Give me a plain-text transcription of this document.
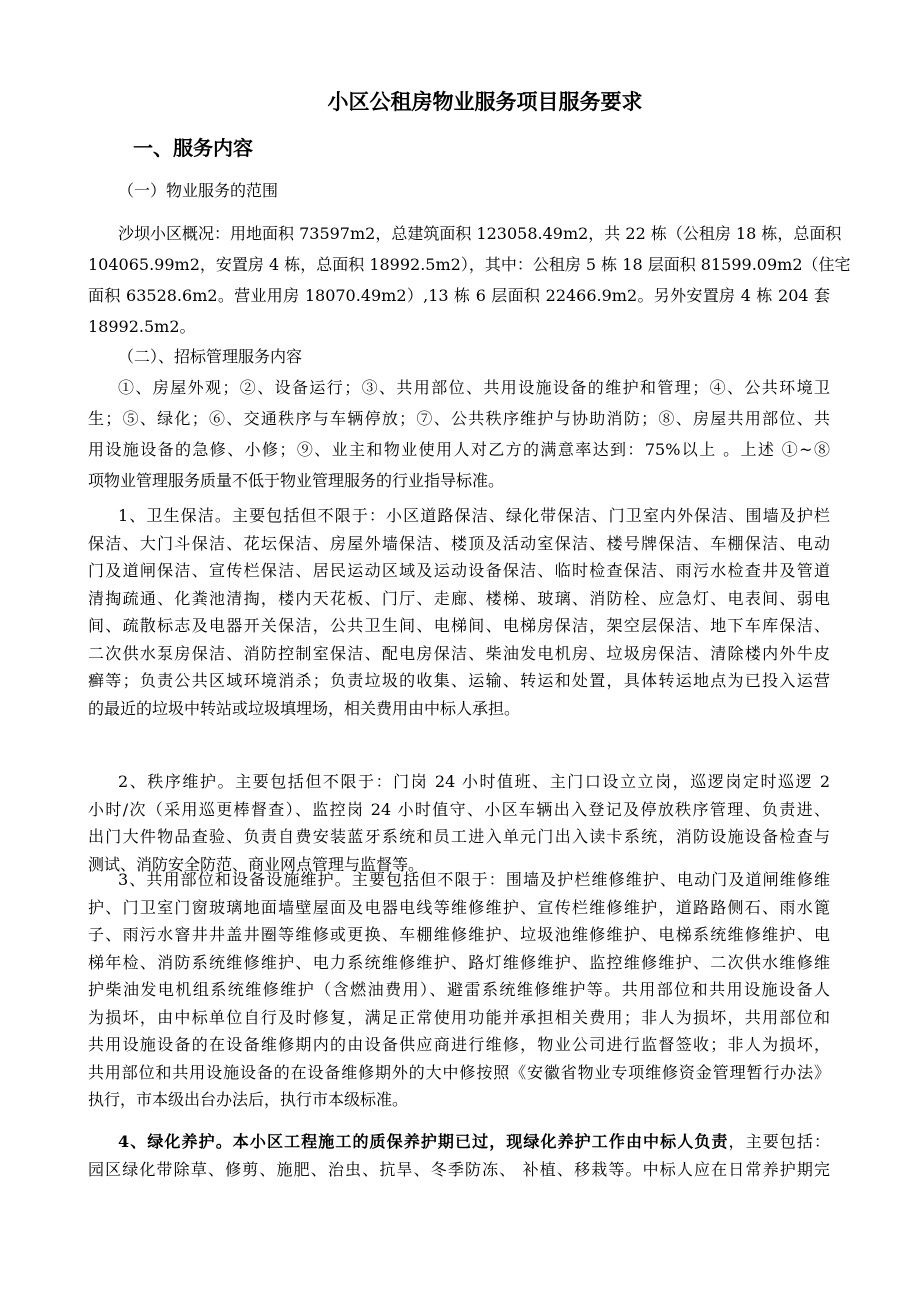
小区公租房物业服务项目服务要求
一、服务内容
（一）物业服务的范围
沙坝小区概况：用地面积 73597m2，总建筑面积 123058.49m2，共 22 栋（公租房 18 栋，总面积
104065.99m2，安置房 4 栋，总面积 18992.5m2），其中：公租房 5 栋 18 层面积 81599.09m2（住宅
面积 63528.6m2。营业用房 18070.49m2）,13 栋 6 层面积 22466.9m2。另外安置房 4 栋 204 套
18992.5m2。
（二）、招标管理服务内容
①、房屋外观；②、设备运行；③、共用部位、共用设施设备的维护和管理；④、公共环境卫
生；⑤、绿化；⑥、交通秩序与车辆停放；⑦、公共秩序维护与协助消防；⑧、房屋共用部位、共
用设施设备的急修、小修；⑨、业主和物业使用人对乙方的满意率达到：75%以上 。上述 ①~⑧
项物业管理服务质量不低于物业管理服务的行业指导标准。
1、卫生保洁。主要包括但不限于：小区道路保洁、绿化带保洁、门卫室内外保洁、围墙及护栏
保洁、大门斗保洁、花坛保洁、房屋外墙保洁、楼顶及活动室保洁、楼号牌保洁、车棚保洁、电动
门及道闸保洁、宣传栏保洁、居民运动区域及运动设备保洁、临时检查保洁、雨污水检查井及管道
清掏疏通、化粪池清掏，楼内天花板、门厅、走廊、楼梯、玻璃、消防栓、应急灯、电表间、弱电
间、疏散标志及电器开关保洁，公共卫生间、电梯间、电梯房保洁，架空层保洁、地下车库保洁、
二次供水泵房保洁、消防控制室保洁、配电房保洁、柴油发电机房、垃圾房保洁、清除楼内外牛皮
癣等；负责公共区域环境消杀；负责垃圾的收集、运输、转运和处置，具体转运地点为已投入运营
的最近的垃圾中转站或垃圾填埋场，相关费用由中标人承担。
2、秩序维护。主要包括但不限于：门岗 24 小时值班、主门口设立立岗，巡逻岗定时巡逻 2
小时/次（采用巡更棒督查）、监控岗 24 小时值守、小区车辆出入登记及停放秩序管理、负责进、
出门大件物品查验、负责自费安装蓝牙系统和员工进入单元门出入读卡系统，消防设施设备检查与
测试、消防安全防范、商业网点管理与监督等。
3、共用部位和设备设施维护。主要包括但不限于：围墙及护栏维修维护、电动门及道闸维修维
护、门卫室门窗玻璃地面墙壁屋面及电器电线等维修维护、宣传栏维修维护，道路路侧石、雨水篦
子、雨污水窨井井盖井圈等维修或更换、车棚维修维护、垃圾池维修维护、电梯系统维修维护、电
梯年检、消防系统维修维护、电力系统维修维护、路灯维修维护、监控维修维护、二次供水维修维
护柴油发电机组系统维修维护（含燃油费用）、避雷系统维修维护等。共用部位和共用设施设备人
为损坏，由中标单位自行及时修复，满足正常使用功能并承担相关费用；非人为损坏，共用部位和
共用设施设备的在设备维修期内的由设备供应商进行维修，物业公司进行监督签收；非人为损坏，
共用部位和共用设施设备的在设备维修期外的大中修按照《安徽省物业专项维修资金管理暂行办法》
执行，市本级出台办法后，执行市本级标准。
4、绿化养护。本小区工程施工的质保养护期已过，现绿化养护工作由中标人负责，主要包括：
园区绿化带除草、修剪、施肥、治虫、抗旱、冬季防冻、 补植、移栽等。中标人应在日常养护期完
